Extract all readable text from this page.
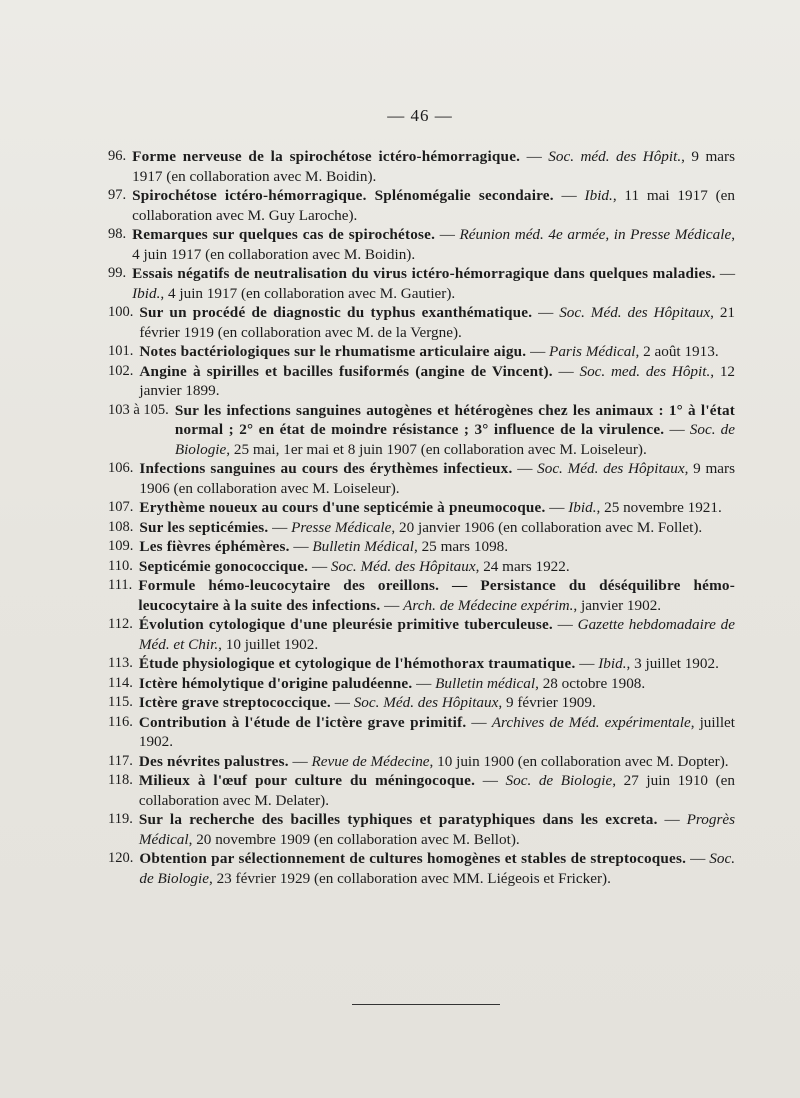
— 46 —
96. Forme nerveuse de la spirochétose ictéro-hémorragique. — Soc. méd. des Hôpit., 9 mars 1917 (en collaboration avec M. Boidin).
97. Spirochétose ictéro-hémorragique. Splénomégalie secondaire. — Ibid., 11 mai 1917 (en collaboration avec M. Guy Laroche).
98. Remarques sur quelques cas de spirochétose. — Réunion méd. 4e armée, in Presse Médicale, 4 juin 1917 (en collaboration avec M. Boidin).
99. Essais négatifs de neutralisation du virus ictéro-hémorragique dans quelques maladies. — Ibid., 4 juin 1917 (en collaboration avec M. Gautier).
100. Sur un procédé de diagnostic du typhus exanthématique. — Soc. Méd. des Hôpitaux, 21 février 1919 (en collaboration avec M. de la Vergne).
101. Notes bactériologiques sur le rhumatisme articulaire aigu. — Paris Médical, 2 août 1913.
102. Angine à spirilles et bacilles fusiformés (angine de Vincent). — Soc. med. des Hôpit., 12 janvier 1899.
103 à 105. Sur les infections sanguines autogènes et hétérogènes chez les animaux : 1° à l'état normal ; 2° en état de moindre résistance ; 3° influence de la virulence. — Soc. de Biologie, 25 mai, 1er mai et 8 juin 1907 (en collaboration avec M. Loiseleur).
106. Infections sanguines au cours des érythèmes infectieux. — Soc. Méd. des Hôpitaux, 9 mars 1906 (en collaboration avec M. Loiseleur).
107. Erythème noueux au cours d'une septicémie à pneumocoque. — Ibid., 25 novembre 1921.
108. Sur les septicémies. — Presse Médicale, 20 janvier 1906 (en collaboration avec M. Follet).
109. Les fièvres éphémères. — Bulletin Médical, 25 mars 1098.
110. Septicémie gonococcique. — Soc. Méd. des Hôpitaux, 24 mars 1922.
111. Formule hémo-leucocytaire des oreillons. — Persistance du déséquilibre hémo-leucocytaire à la suite des infections. — Arch. de Médecine expérim., janvier 1902.
112. Évolution cytologique d'une pleurésie primitive tuberculeuse. — Gazette hebdomadaire de Méd. et Chir., 10 juillet 1902.
113. Étude physiologique et cytologique de l'hémothorax traumatique. — Ibid., 3 juillet 1902.
114. Ictère hémolytique d'origine paludéenne. — Bulletin médical, 28 octobre 1908.
115. Ictère grave streptococcique. — Soc. Méd. des Hôpitaux, 9 février 1909.
116. Contribution à l'étude de l'ictère grave primitif. — Archives de Méd. expérimentale, juillet 1902.
117. Des névrites palustres. — Revue de Médecine, 10 juin 1900 (en collaboration avec M. Dopter).
118. Milieux à l'œuf pour culture du méningocoque. — Soc. de Biologie, 27 juin 1910 (en collaboration avec M. Delater).
119. Sur la recherche des bacilles typhiques et paratyphiques dans les excreta. — Progrès Médical, 20 novembre 1909 (en collaboration avec M. Bellot).
120. Obtention par sélectionnement de cultures homogènes et stables de streptocoques. — Soc. de Biologie, 23 février 1929 (en collaboration avec MM. Liégeois et Fricker).
